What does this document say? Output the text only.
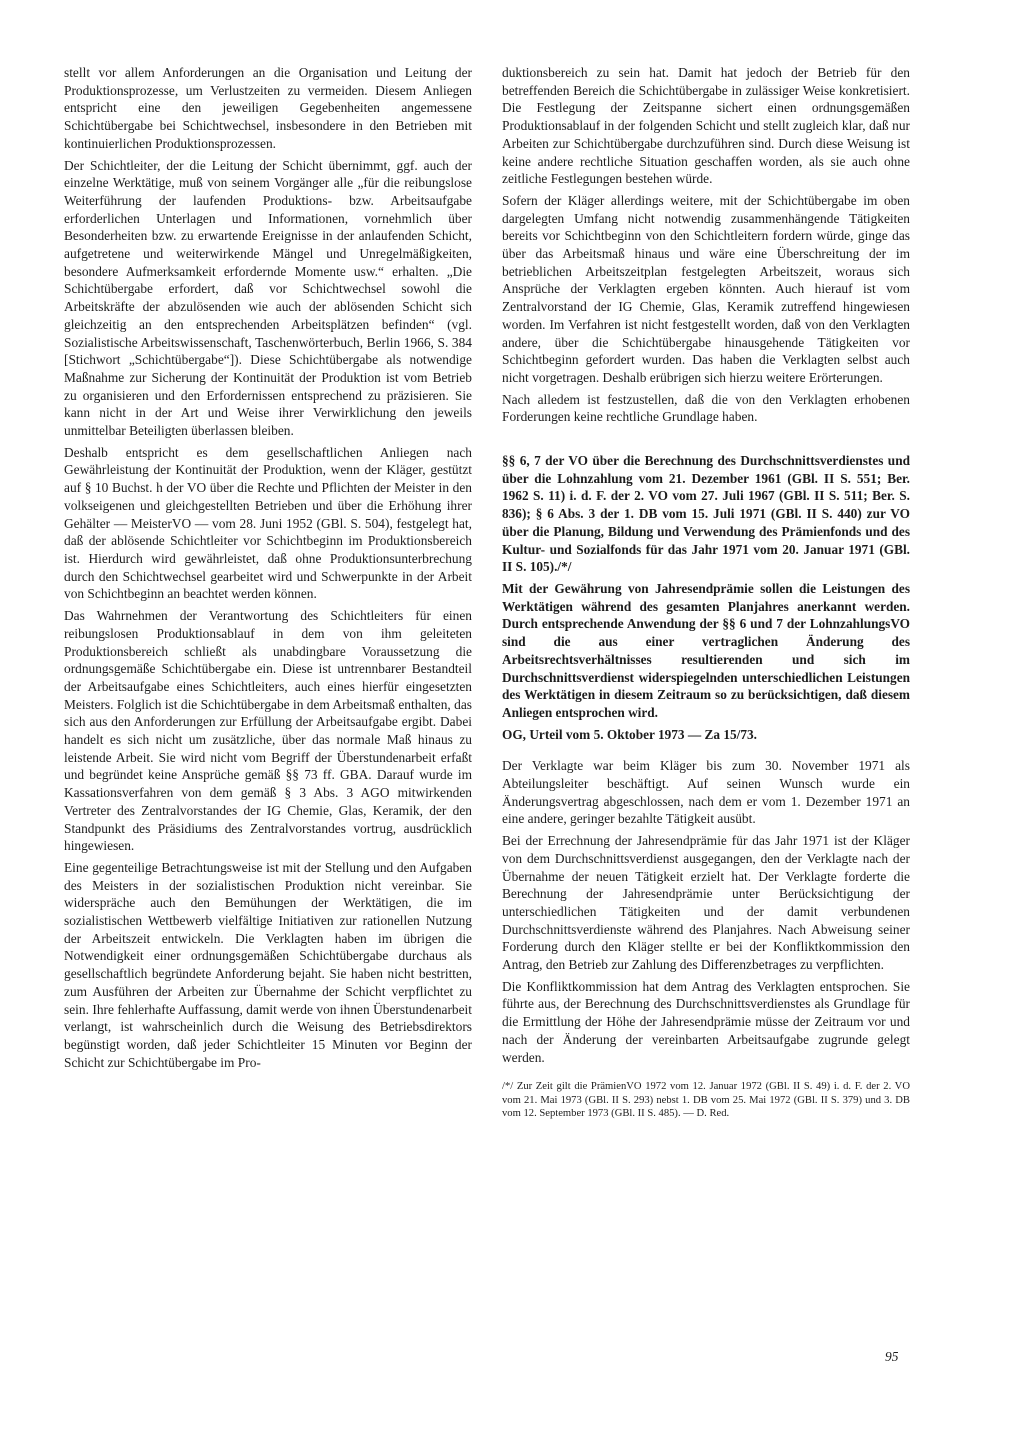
stellt vor allem Anforderungen an die Organisation und Leitung der Produktionsprozesse, um Verlustzeiten zu vermeiden. Diesem Anliegen entspricht eine den jeweiligen Gegebenheiten angemessene Schichtübergabe bei Schichtwechsel, insbesondere in den Betrieben mit kontinuierlichen Produktionsprozessen.

Der Schichtleiter, der die Leitung der Schicht übernimmt, ggf. auch der einzelne Werktätige, muß von seinem Vorgänger alle „für die reibungslose Weiterführung der laufenden Produktions- bzw. Arbeitsaufgabe erforderlichen Unterlagen und Informationen, vornehmlich über Besonderheiten bzw. zu erwartende Ereignisse in der anlaufenden Schicht, aufgetretene und weiterwirkende Mängel und Unregelmäßigkeiten, besondere Aufmerksamkeit erfordernde Momente usw.“ erhalten. „Die Schichtübergabe erfordert, daß vor Schichtwechsel sowohl die Arbeitskräfte der abzulösenden wie auch der ablösenden Schicht sich gleichzeitig an den entsprechenden Arbeitsplätzen befinden“ (vgl. Sozialistische Arbeitswissenschaft, Taschenwörterbuch, Berlin 1966, S. 384 [Stichwort „Schichtübergabe“]). Diese Schichtübergabe als notwendige Maßnahme zur Sicherung der Kontinuität der Produktion ist vom Betrieb zu organisieren und den Erfordernissen entsprechend zu präzisieren. Sie kann nicht in der Art und Weise ihrer Verwirklichung den jeweils unmittelbar Beteiligten überlassen bleiben.

Deshalb entspricht es dem gesellschaftlichen Anliegen nach Gewährleistung der Kontinuität der Produktion, wenn der Kläger, gestützt auf § 10 Buchst. h der VO über die Rechte und Pflichten der Meister in den volkseigenen und gleichgestellten Betrieben und über die Erhöhung ihrer Gehälter — MeisterVO — vom 28. Juni 1952 (GBl. S. 504), festgelegt hat, daß der ablösende Schichtleiter vor Schichtbeginn im Produktionsbereich ist. Hierdurch wird gewährleistet, daß ohne Produktionsunterbrechung durch den Schichtwechsel gearbeitet wird und Schwerpunkte in der Arbeit von Schichtbeginn an beachtet werden können.

Das Wahrnehmen der Verantwortung des Schichtleiters für einen reibungslosen Produktionsablauf in dem von ihm geleiteten Produktionsbereich schließt als unabdingbare Voraussetzung die ordnungsgemäße Schichtübergabe ein. Diese ist untrennbarer Bestandteil der Arbeitsaufgabe eines Schichtleiters, auch eines hierfür eingesetzten Meisters. Folglich ist die Schichtübergabe in dem Arbeitsmaß enthalten, das sich aus den Anforderungen zur Erfüllung der Arbeitsaufgabe ergibt. Dabei handelt es sich nicht um zusätzliche, über das normale Maß hinaus zu leistende Arbeit. Sie wird nicht vom Begriff der Überstundenarbeit erfaßt und begründet keine Ansprüche gemäß §§ 73 ff. GBA. Darauf wurde im Kassationsverfahren von dem gemäß § 3 Abs. 3 AGO mitwirkenden Vertreter des Zentralvorstandes der IG Chemie, Glas, Keramik, der den Standpunkt des Präsidiums des Zentralvorstandes vortrug, ausdrücklich hingewiesen.

Eine gegenteilige Betrachtungsweise ist mit der Stellung und den Aufgaben des Meisters in der sozialistischen Produktion nicht vereinbar. Sie widerspräche auch den Bemühungen der Werktätigen, die im sozialistischen Wettbewerb vielfältige Initiativen zur rationellen Nutzung der Arbeitszeit entwickeln. Die Verklagten haben im übrigen die Notwendigkeit einer ordnungsgemäßen Schichtübergabe durchaus als gesellschaftlich begründete Anforderung bejaht. Sie haben nicht bestritten, zum Ausführen der Arbeiten zur Übernahme der Schicht verpflichtet zu sein. Ihre fehlerhafte Auffassung, damit werde von ihnen Überstundenarbeit verlangt, ist wahrscheinlich durch die Weisung des Betriebsdirektors begünstigt worden, daß jeder Schichtleiter 15 Minuten vor Beginn der Schicht zur Schichtübergabe im Pro-

duktionsbereich zu sein hat. Damit hat jedoch der Betrieb für den betreffenden Bereich die Schichtübergabe in zulässiger Weise konkretisiert. Die Festlegung der Zeitspanne sichert einen ordnungsgemäßen Produktionsablauf in der folgenden Schicht und stellt zugleich klar, daß nur Arbeiten zur Schichtübergabe durchzuführen sind. Durch diese Weisung ist keine andere rechtliche Situation geschaffen worden, als sie auch ohne zeitliche Festlegungen bestehen würde.

Sofern der Kläger allerdings weitere, mit der Schichtübergabe im oben dargelegten Umfang nicht notwendig zusammenhängende Tätigkeiten bereits vor Schichtbeginn von den Schichtleitern fordern würde, ginge das über das Arbeitsmaß hinaus und wäre eine Überschreitung der im betrieblichen Arbeitszeitplan festgelegten Arbeitszeit, woraus sich Ansprüche der Verklagten ergeben könnten. Auch hierauf ist vom Zentralvorstand der IG Chemie, Glas, Keramik zutreffend hingewiesen worden. Im Verfahren ist nicht festgestellt worden, daß von den Verklagten andere, über die Schichtübergabe hinausgehende Tätigkeiten vor Schichtbeginn gefordert wurden. Das haben die Verklagten selbst auch nicht vorgetragen. Deshalb erübrigen sich hierzu weitere Erörterungen.

Nach alledem ist festzustellen, daß die von den Verklagten erhobenen Forderungen keine rechtliche Grundlage haben.

§§ 6, 7 der VO über die Berechnung des Durchschnittsverdienstes und über die Lohnzahlung vom 21. Dezember 1961 (GBl. II S. 551; Ber. 1962 S. 11) i. d. F. der 2. VO vom 27. Juli 1967 (GBl. II S. 511; Ber. S. 836); § 6 Abs. 3 der 1. DB vom 15. Juli 1971 (GBl. II S. 440) zur VO über die Planung, Bildung und Verwendung des Prämienfonds und des Kultur- und Sozialfonds für das Jahr 1971 vom 20. Januar 1971 (GBl. II S. 105)./*/

Mit der Gewährung von Jahresendprämie sollen die Leistungen des Werktätigen während des gesamten Planjahres anerkannt werden. Durch entsprechende Anwendung der §§ 6 und 7 der LohnzahlungsVO sind die aus einer vertraglichen Änderung des Arbeitsrechtsverhältnisses resultierenden und sich im Durchschnittsverdienst widerspiegelnden unterschiedlichen Leistungen des Werktätigen in diesem Zeitraum so zu berücksichtigen, daß diesem Anliegen entsprochen wird.

OG, Urteil vom 5. Oktober 1973 — Za 15/73.

Der Verklagte war beim Kläger bis zum 30. November 1971 als Abteilungsleiter beschäftigt. Auf seinen Wunsch wurde ein Änderungsvertrag abgeschlossen, nach dem er vom 1. Dezember 1971 an eine andere, geringer bezahlte Tätigkeit ausübt.

Bei der Errechnung der Jahresendprämie für das Jahr 1971 ist der Kläger von dem Durchschnittsverdienst ausgegangen, den der Verklagte nach der Übernahme der neuen Tätigkeit erzielt hat. Der Verklagte forderte die Berechnung der Jahresendprämie unter Berücksichtigung der unterschiedlichen Tätigkeiten und der damit verbundenen Durchschnittsverdienste während des Planjahres. Nach Abweisung seiner Forderung durch den Kläger stellte er bei der Konfliktkommission den Antrag, den Betrieb zur Zahlung des Differenzbetrages zu verpflichten.

Die Konfliktkommission hat dem Antrag des Verklagten entsprochen. Sie führte aus, der Berechnung des Durchschnittsverdienstes als Grundlage für die Ermittlung der Höhe der Jahresendprämie müsse der Zeitraum vor und nach der Änderung der vereinbarten Arbeitsaufgabe zugrunde gelegt werden.

/*/ Zur Zeit gilt die PrämienVO 1972 vom 12. Januar 1972 (GBl. II S. 49) i. d. F. der 2. VO vom 21. Mai 1973 (GBl. II S. 293) nebst 1. DB vom 25. Mai 1972 (GBl. II S. 379) und 3. DB vom 12. September 1973 (GBl. II S. 485). — D. Red.

95
